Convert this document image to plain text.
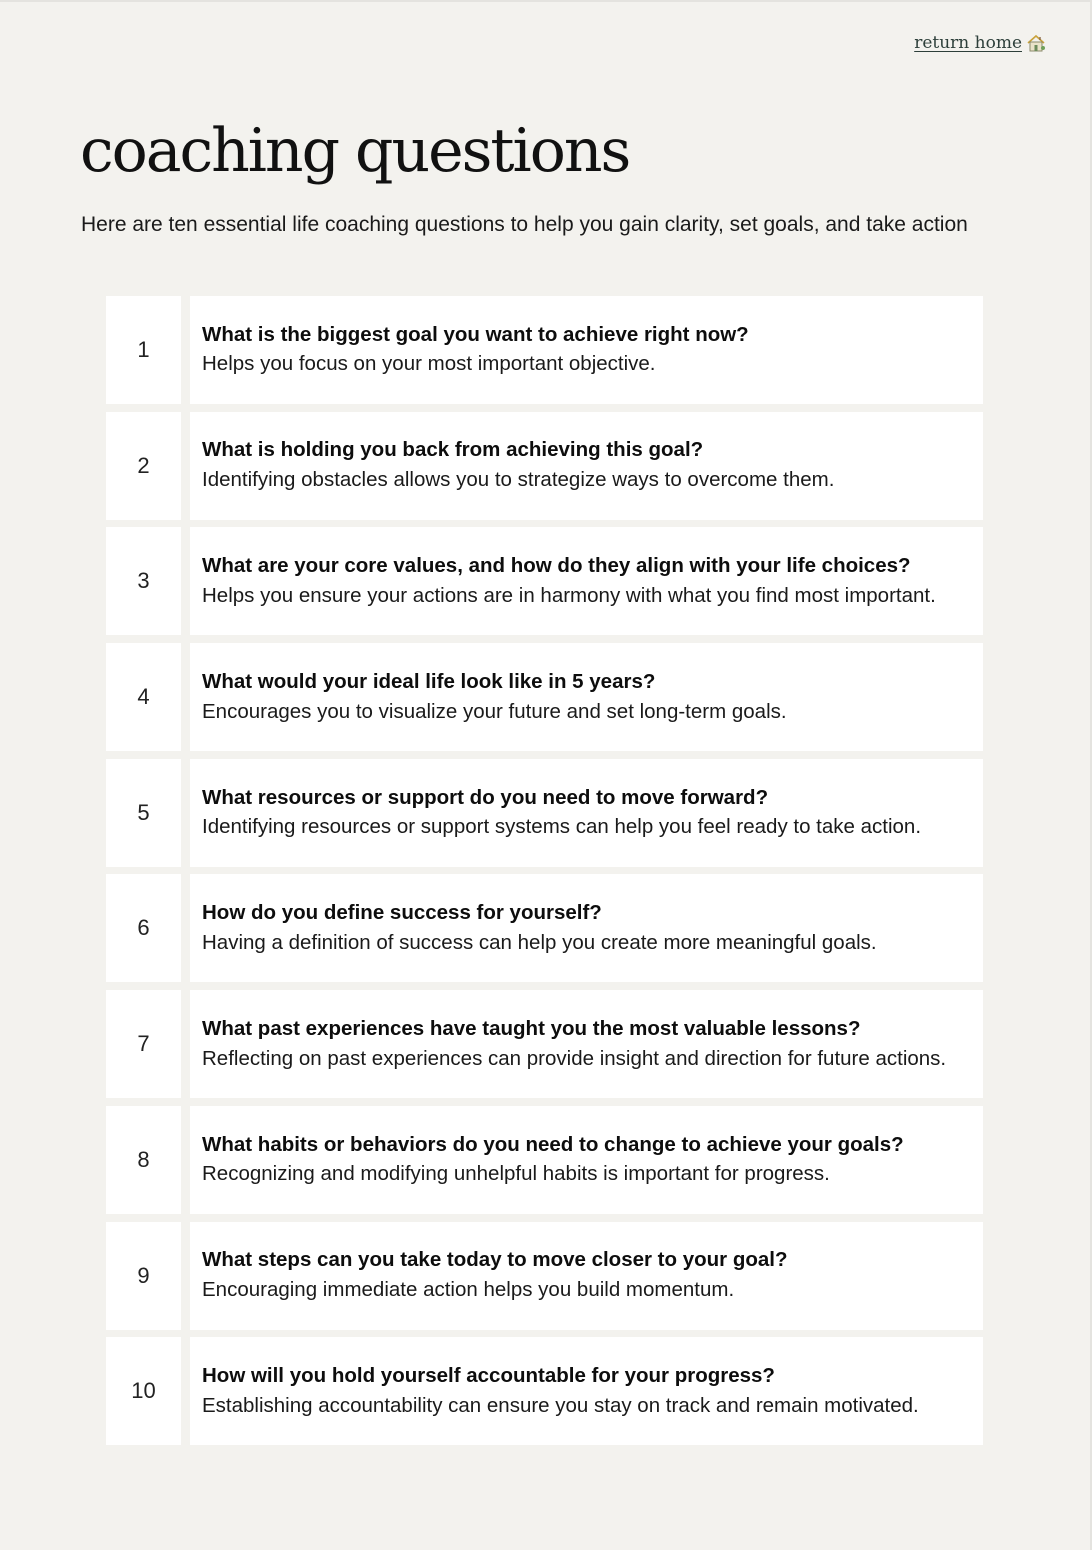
return home
coaching questions

Here are ten essential life coaching questions to help you gain clarity, set goals, and take action

1
What is the biggest goal you want to achieve right now?
Helps you focus on your most important objective.
2
What is holding you back from achieving this goal?
Identifying obstacles allows you to strategize ways to overcome them.
3
What are your core values, and how do they align with your life choices?
Helps you ensure your actions are in harmony with what you find most important.
4
What would your ideal life look like in 5 years?
Encourages you to visualize your future and set long-term goals.
5
What resources or support do you need to move forward?
Identifying resources or support systems can help you feel ready to take action.
6
How do you define success for yourself?
Having a definition of success can help you create more meaningful goals.
7
What past experiences have taught you the most valuable lessons?
Reflecting on past experiences can provide insight and direction for future actions.
8
What habits or behaviors do you need to change to achieve your goals?
Recognizing and modifying unhelpful habits is important for progress.
9
What steps can you take today to move closer to your goal?
Encouraging immediate action helps you build momentum.
10
How will you hold yourself accountable for your progress?
Establishing accountability can ensure you stay on track and remain motivated.
